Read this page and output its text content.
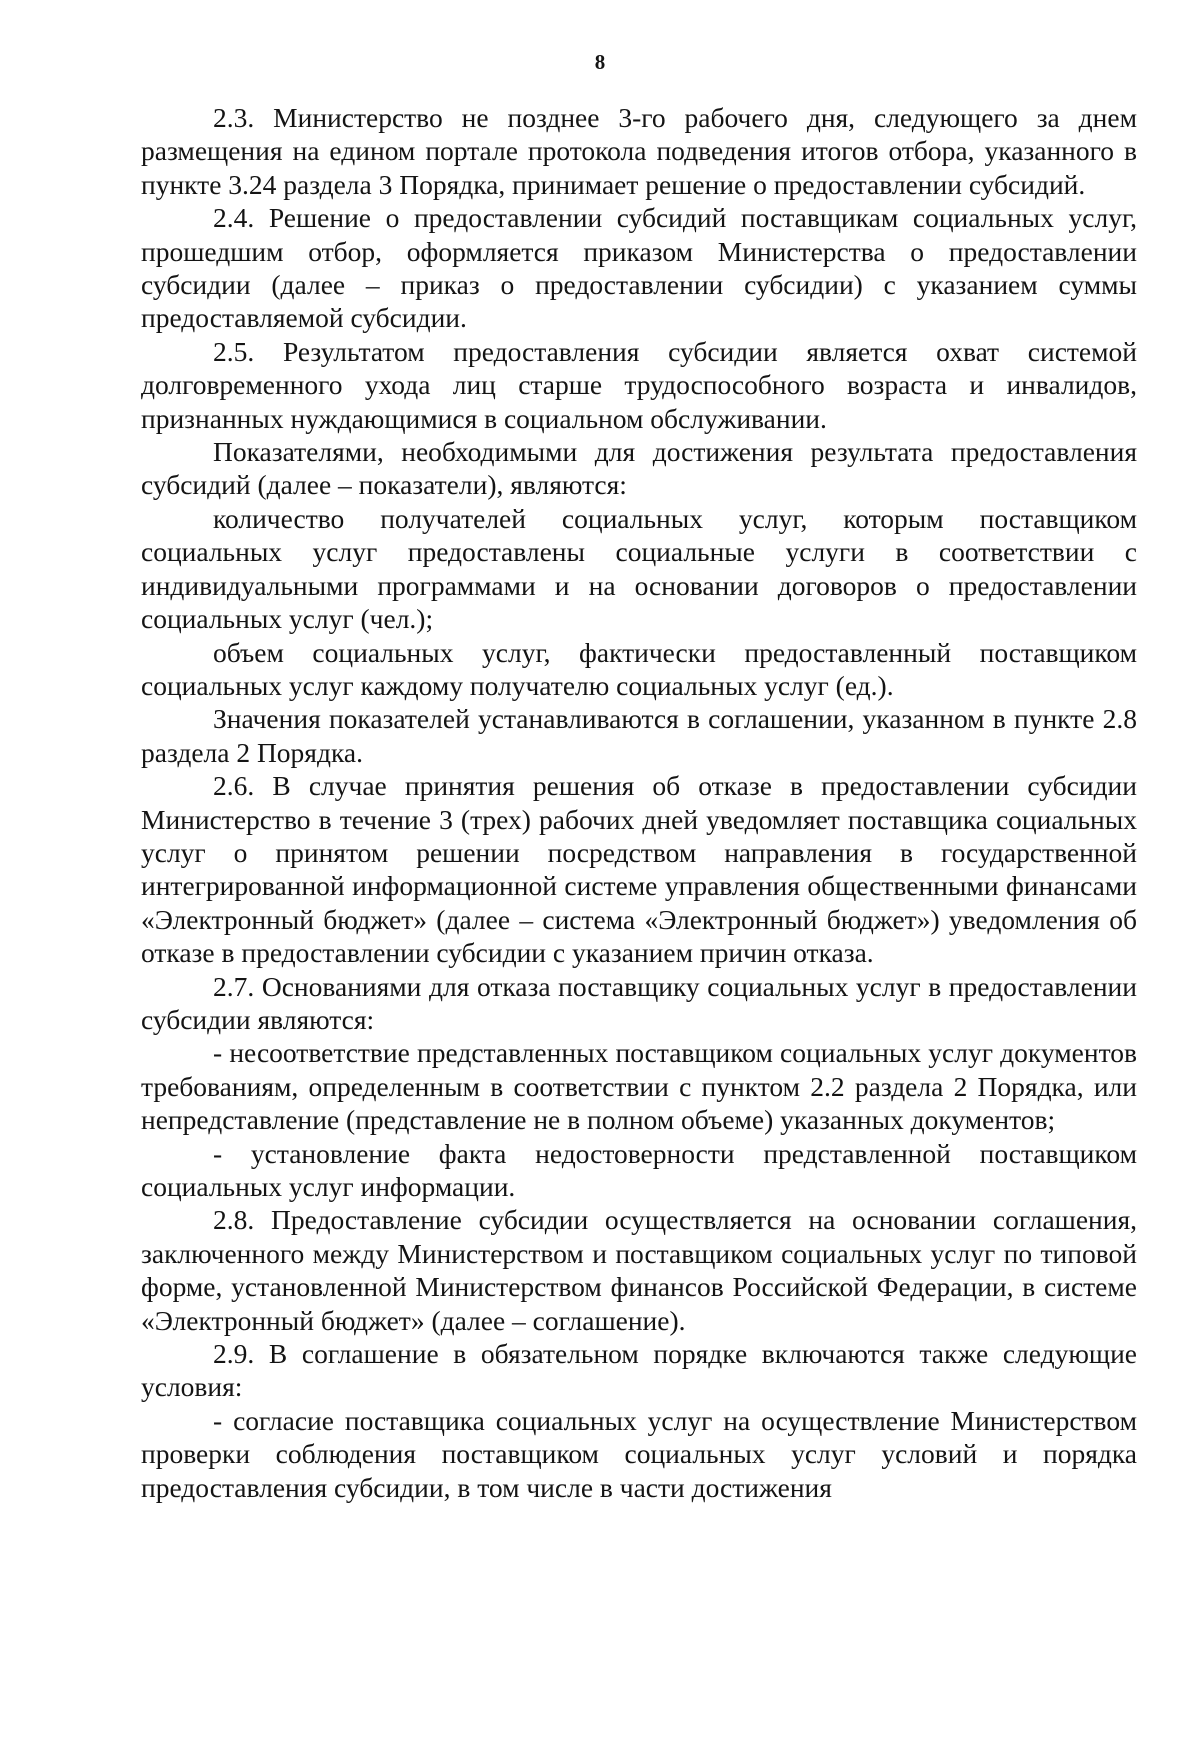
8

2.3. Министерство не позднее 3-го рабочего дня, следующего за днем размещения на едином портале протокола подведения итогов отбора, указанного в пункте 3.24 раздела 3 Порядка, принимает решение о предоставлении субсидий.

2.4. Решение о предоставлении субсидий поставщикам социальных услуг, прошедшим отбор, оформляется приказом Министерства о предоставлении субсидии (далее – приказ о предоставлении субсидии) с указанием суммы предоставляемой субсидии.

2.5. Результатом предоставления субсидии является охват системой долговременного ухода лиц старше трудоспособного возраста и инвалидов, признанных нуждающимися в социальном обслуживании.

Показателями, необходимыми для достижения результата предоставления субсидий (далее – показатели), являются:

количество получателей социальных услуг, которым поставщиком социальных услуг предоставлены социальные услуги в соответствии с индивидуальными программами и на основании договоров о предоставлении социальных услуг (чел.);

объем социальных услуг, фактически предоставленный поставщиком социальных услуг каждому получателю социальных услуг (ед.).

Значения показателей устанавливаются в соглашении, указанном в пункте 2.8 раздела 2 Порядка.

2.6. В случае принятия решения об отказе в предоставлении субсидии Министерство в течение 3 (трех) рабочих дней уведомляет поставщика социальных услуг о принятом решении посредством направления в государственной интегрированной информационной системе управления общественными финансами «Электронный бюджет» (далее – система «Электронный бюджет») уведомления об отказе в предоставлении субсидии с указанием причин отказа.

2.7. Основаниями для отказа поставщику социальных услуг в предоставлении субсидии являются:

- несоответствие представленных поставщиком социальных услуг документов требованиям, определенным в соответствии с пунктом 2.2 раздела 2 Порядка, или непредставление (представление не в полном объеме) указанных документов;

- установление факта недостоверности представленной поставщиком социальных услуг информации.

2.8. Предоставление субсидии осуществляется на основании соглашения, заключенного между Министерством и поставщиком социальных услуг по типовой форме, установленной Министерством финансов Российской Федерации, в системе «Электронный бюджет» (далее – соглашение).

2.9. В соглашение в обязательном порядке включаются также следующие условия:

- согласие поставщика социальных услуг на осуществление Министерством проверки соблюдения поставщиком социальных услуг условий и порядка предоставления субсидии, в том числе в части достижения
